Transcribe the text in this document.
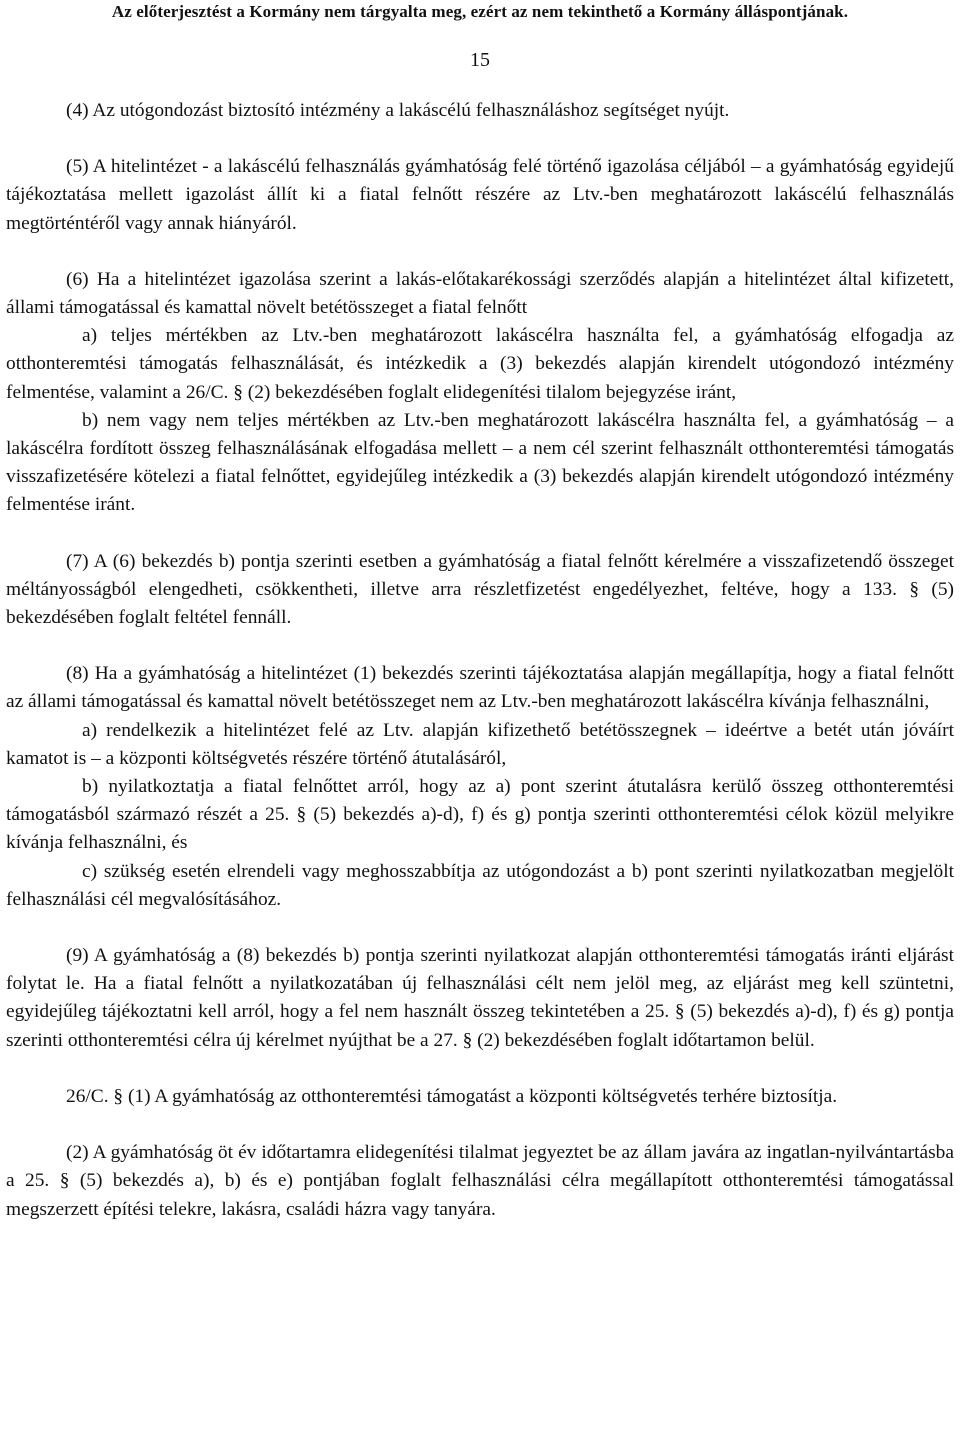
Az előterjesztést a Kormány nem tárgyalta meg, ezért az nem tekinthető a Kormány álláspontjának.
15

(4) Az utógondozást biztosító intézmény a lakáscélú felhasználáshoz segítséget nyújt.

(5) A hitelintézet - a lakáscélú felhasználás gyámhatóság felé történő igazolása céljából – a gyámhatóság egyidejű tájékoztatása mellett igazolást állít ki a fiatal felnőtt részére az Ltv.-ben meghatározott lakáscélú felhasználás megtörténtéről vagy annak hiányáról.

(6) Ha a hitelintézet igazolása szerint a lakás-előtakarékossági szerződés alapján a hitelintézet által kifizetett, állami támogatással és kamattal növelt betétösszeget a fiatal felnőtt

a) teljes mértékben az Ltv.-ben meghatározott lakáscélra használta fel, a gyámhatóság elfogadja az otthonteremtési támogatás felhasználását, és intézkedik a (3) bekezdés alapján kirendelt utógondozó intézmény felmentése, valamint a 26/C. § (2) bekezdésében foglalt elidegenítési tilalom bejegyzése iránt,

b) nem vagy nem teljes mértékben az Ltv.-ben meghatározott lakáscélra használta fel, a gyámhatóság – a lakáscélra fordított összeg felhasználásának elfogadása mellett – a nem cél szerint felhasznált otthonteremtési támogatás visszafizetésére kötelezi a fiatal felnőttet, egyidejűleg intézkedik a (3) bekezdés alapján kirendelt utógondozó intézmény felmentése iránt.

(7) A (6) bekezdés b) pontja szerinti esetben a gyámhatóság a fiatal felnőtt kérelmére a visszafizetendő összeget méltányosságból elengedheti, csökkentheti, illetve arra részletfizetést engedélyezhet, feltéve, hogy a 133. § (5) bekezdésében foglalt feltétel fennáll.

(8) Ha a gyámhatóság a hitelintézet (1) bekezdés szerinti tájékoztatása alapján megállapítja, hogy a fiatal felnőtt az állami támogatással és kamattal növelt betétösszeget nem az Ltv.-ben meghatározott lakáscélra kívánja felhasználni,

a) rendelkezik a hitelintézet felé az Ltv. alapján kifizethető betétösszegnek – ideértve a betét után jóváírt kamatot is – a központi költségvetés részére történő átutalásáról,

b) nyilatkoztatja a fiatal felnőttet arról, hogy az a) pont szerint átutalásra kerülő összeg otthonteremtési támogatásból származó részét a 25. § (5) bekezdés a)-d), f) és g) pontja szerinti otthonteremtési célok közül melyikre kívánja felhasználni, és

c) szükség esetén elrendeli vagy meghosszabbítja az utógondozást a b) pont szerinti nyilatkozatban megjelölt felhasználási cél megvalósításához.

(9) A gyámhatóság a (8) bekezdés b) pontja szerinti nyilatkozat alapján otthonteremtési támogatás iránti eljárást folytat le. Ha a fiatal felnőtt a nyilatkozatában új felhasználási célt nem jelöl meg, az eljárást meg kell szüntetni, egyidejűleg tájékoztatni kell arról, hogy a fel nem használt összeg tekintetében a 25. § (5) bekezdés a)-d), f) és g) pontja szerinti otthonteremtési célra új kérelmet nyújthat be a 27. § (2) bekezdésében foglalt időtartamon belül.

26/C. § (1) A gyámhatóság az otthonteremtési támogatást a központi költségvetés terhére biztosítja.

(2) A gyámhatóság öt év időtartamra elidegenítési tilalmat jegyeztet be az állam javára az ingatlan-nyilvántartásba a 25. § (5) bekezdés a), b) és e) pontjában foglalt felhasználási célra megállapított otthonteremtési támogatással megszerzett építési telekre, lakásra, családi házra vagy tanyára.
